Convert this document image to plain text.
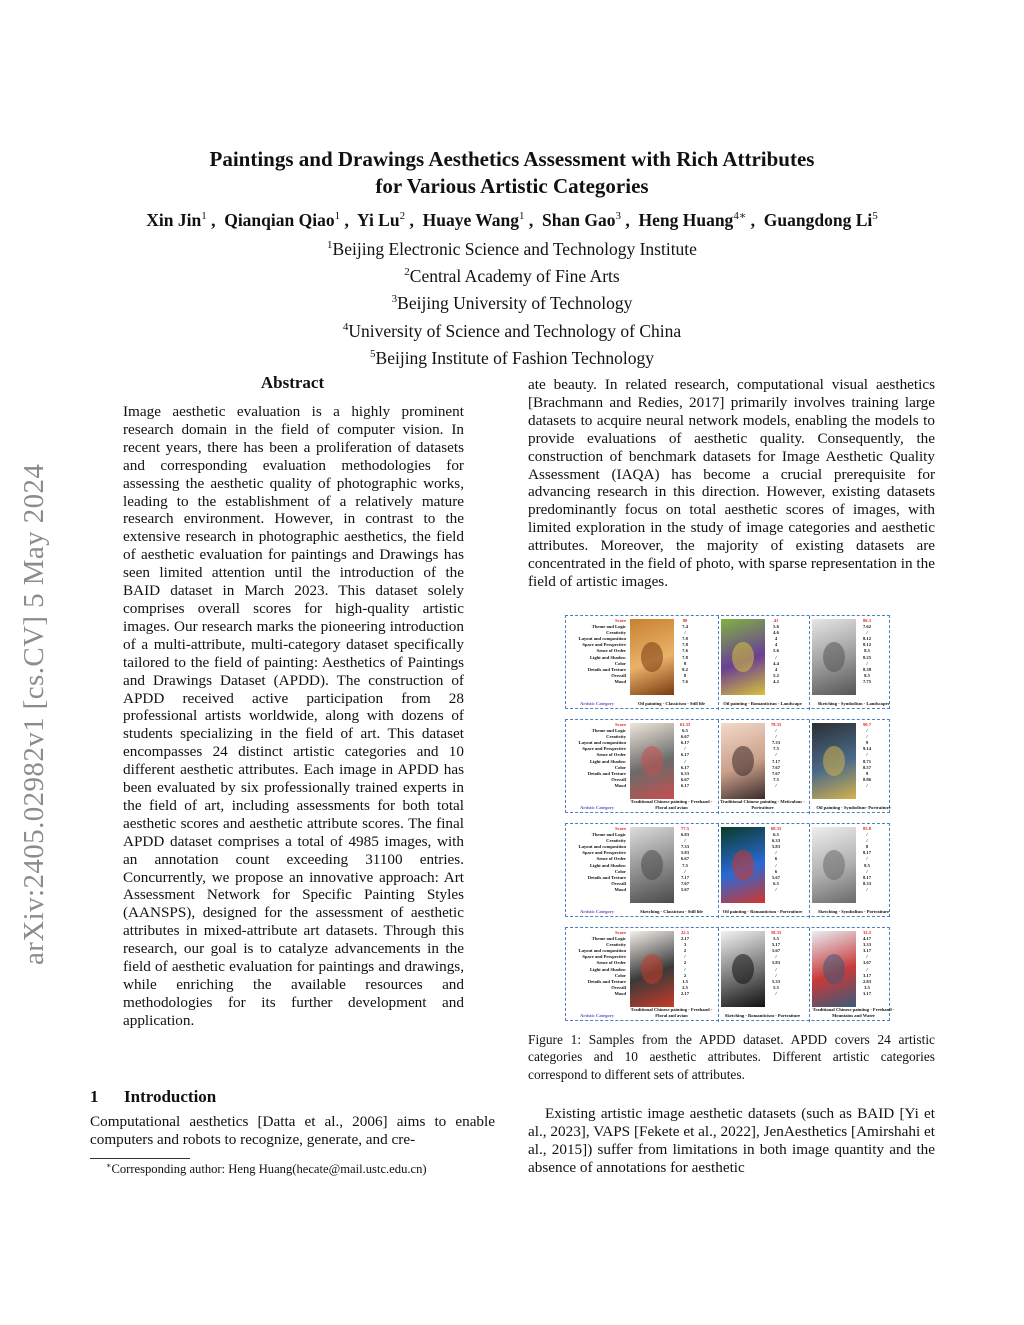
arXiv:2405.02982v1 [cs.CV] 5 May 2024
Paintings and Drawings Aesthetics Assessment with Rich Attributes
for Various Artistic Categories
Xin Jin$^1$ ,  Qianqian Qiao$^1$ ,  Yi Lu$^2$ ,  Huaye Wang$^1$ ,  Shan Gao$^3$ ,  Heng Huang$^{4∗}$ ,  Guangdong Li$^5$
$^1$Beijing Electronic Science and Technology Institute
$^2$Central Academy of Fine Arts
$^3$Beijing University of Technology
$^4$University of Science and Technology of China
$^5$Beijing Institute of Fashion Technology
Abstract
Image aesthetic evaluation is a highly prominent research domain in the field of computer vision. In recent years, there has been a proliferation of datasets and corresponding evaluation methodologies for assessing the aesthetic quality of photographic works, leading to the establishment of a relatively mature research environment. However, in contrast to the extensive research in photographic aesthetics, the field of aesthetic evaluation for paintings and Drawings has seen limited attention until the introduction of the BAID dataset in March 2023. This dataset solely comprises overall scores for high-quality artistic images. Our research marks the pioneering introduction of a multi-attribute, multi-category dataset specifically tailored to the field of painting: Aesthetics of Paintings and Drawings Dataset (APDD). The construction of APDD received active participation from 28 professional artists worldwide, along with dozens of students specializing in the field of art. This dataset encompasses 24 distinct artistic categories and 10 different aesthetic attributes. Each image in APDD has been evaluated by six professionally trained experts in the field of art, including assessments for both total aesthetic scores and aesthetic attribute scores. The final APDD dataset comprises a total of 4985 images, with an annotation count exceeding 31100 entries. Concurrently, we propose an innovative approach: Art Assessment Network for Specific Painting Styles (AANSPS), designed for the assessment of aesthetic attributes in mixed-attribute art datasets. Through this research, our goal is to catalyze advancements in the field of aesthetic evaluation for paintings and drawings, while enriching the available resources and methodologies for its further development and application.
1 Introduction
Computational aesthetics [Datta et al., 2006] aims to enable computers and robots to recognize, generate, and cre-
∗Corresponding author: Heng Huang(hecate@mail.ustc.edu.cn)
ate beauty. In related research, computational visual aesthetics [Brachmann and Redies, 2017] primarily involves training large datasets to acquire neural network models, enabling the models to provide evaluations of aesthetic quality. Consequently, the construction of benchmark datasets for Image Aesthetic Quality Assessment (IAQA) has become a crucial prerequisite for advancing research in this direction. However, existing datasets predominantly focus on total aesthetic scores of images, with limited exploration in the study of image categories and aesthetic attributes. Moreover, the majority of existing datasets are concentrated in the field of photo, with sparse representation in the field of artistic images.
Score
Theme and Logic
Creativity
Layout and composition
Space and Perspective
Sense of Order
Light and Shadow
Color
Details and Texture
Overall
Mood
Artistic Category
80
7.4
/
7.8
7.8
7.6
7.8
8
8.2
8
7.6
Oil painting - Classicism - Still life
41
5.6
4.6
4
4
5.6
/
4.4
4
5.2
4.2
Oil painting - Romanticism - Landscape
86.3
7.62
/
8.12
8.12
8.5
8.25
/
8.38
8.5
7.75
Sketching - Symbolism - Landscapes
Score
Theme and Logic
Creativity
Layout and composition
Space and Perspective
Sense of Order
Light and Shadow
Color
Details and Texture
Overall
Mood
Artistic Category
63.33
6.5
6.67
6.17
/
6.17
/
6.17
6.33
6.67
6.17
Traditional Chinese painting - Freehand - Floral and avian
78.33
/
/
7.33
7.5
/
7.17
7.67
7.67
7.5
/
Traditional Chinese painting - Meticulous - Portraiture
90.7
/
/
9
9.14
/
8.71
8.57
9
8.86
/
Oil painting - Symbolism- Portraiture
Score
Theme and Logic
Creativity
Layout and composition
Space and Perspective
Sense of Order
Light and Shadow
Color
Details and Texture
Overall
Mood
Artistic Category
77.5
6.83
/
7.33
5.83
6.67
7.5
/
7.17
7.67
5.67
Sketching - Classicism - Still life
68.33
6.5
6.33
5.83
/
6
/
6
5.67
6.5
/
Oil painting - Romanticism - Portraiture
85.8
/
/
8
8.17
/
8.5
/
8.17
8.33
/
Sketching - Symbolism - Portraiture
Score
Theme and Logic
Creativity
Layout and composition
Space and Perspective
Sense of Order
Light and Shadow
Color
Details and Texture
Overall
Mood
Artistic Category
22.5
2.17
3
2
/
2
/
2
1.5
2.5
2.17
Traditional Chinese painting - Freehand - Floral and avian
58.33
5.5
5.17
5.67
/
5.83
/
/
5.33
5.5
/
Sketching - Romanticism - Portraiture
32.5
4.17
3.33
3.17
/
3.67
/
3.17
2.83
3.5
3.17
Traditional Chinese painting - Freehand - Mountains and Water
Figure 1: Samples from the APDD dataset. APDD covers 24 artistic categories and 10 aesthetic attributes. Different artistic categories correspond to different sets of attributes.
Existing artistic image aesthetic datasets (such as BAID [Yi et al., 2023], VAPS [Fekete et al., 2022], JenAesthetics [Amirshahi et al., 2015]) suffer from limitations in both image quantity and the absence of annotations for aesthetic
